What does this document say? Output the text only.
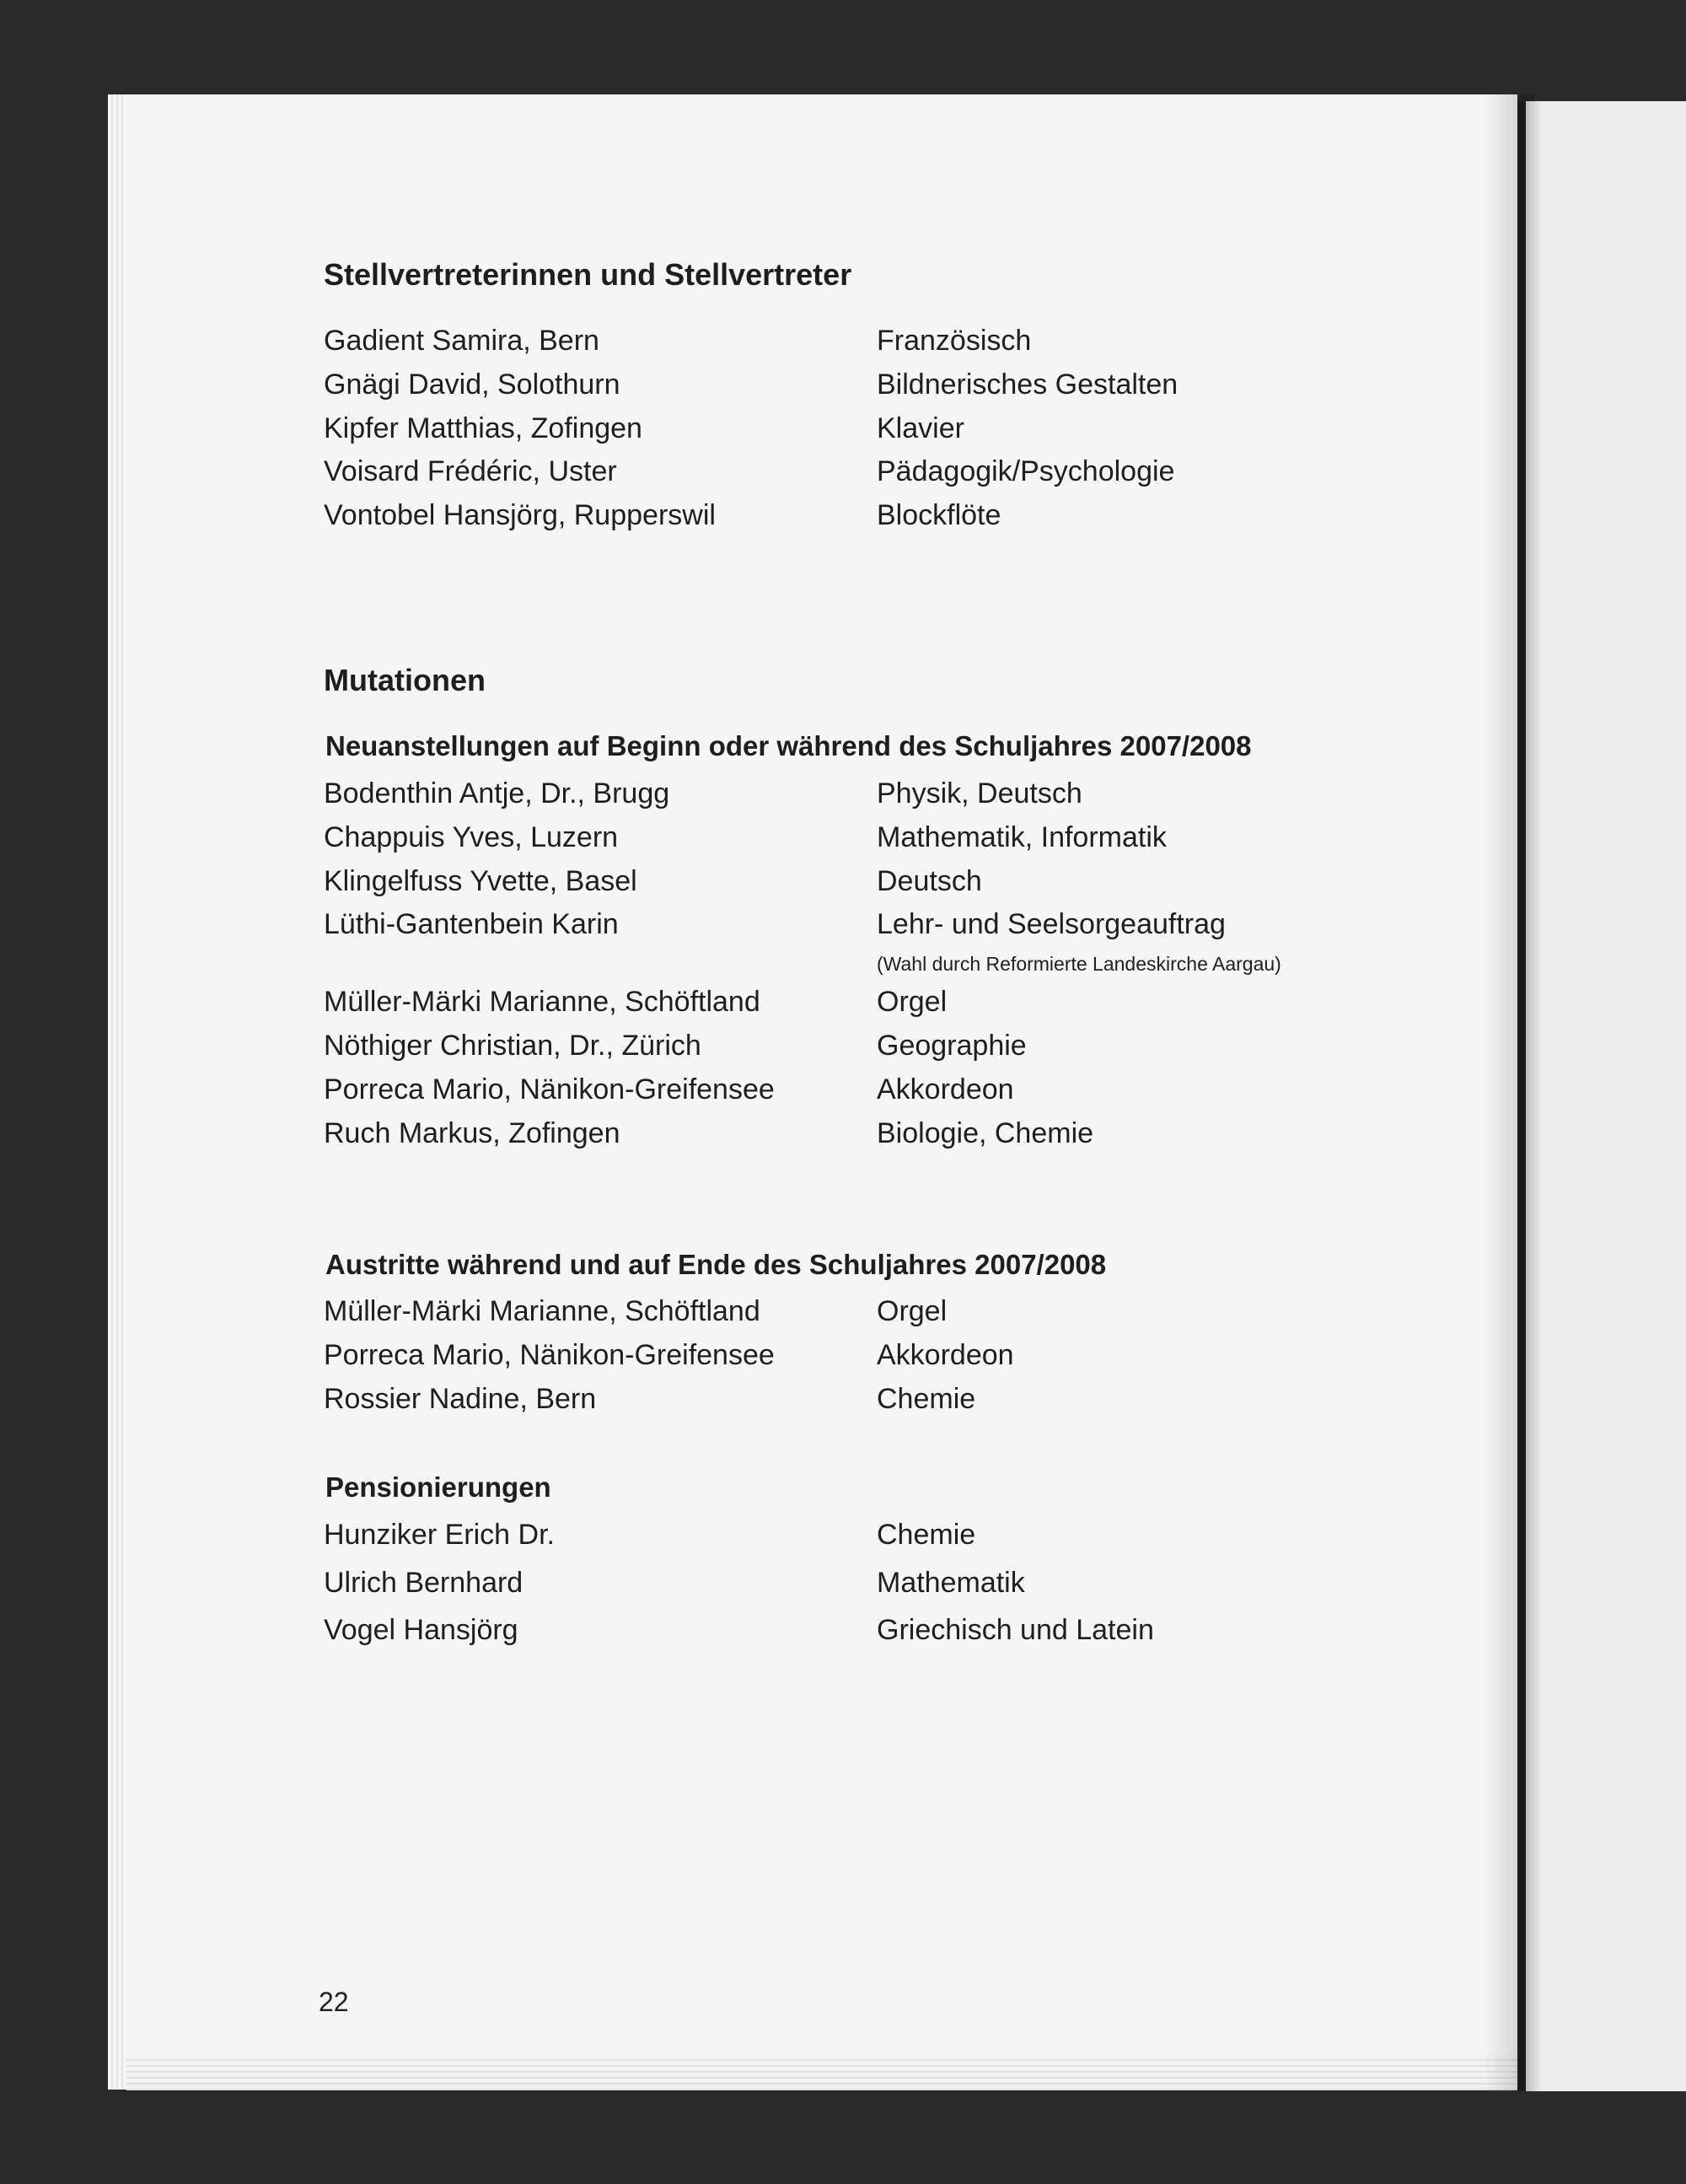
Stellvertreterinnen und Stellvertreter
Gadient Samira, Bern	Französisch
Gnägi David, Solothurn	Bildnerisches Gestalten
Kipfer Matthias, Zofingen	Klavier
Voisard Frédéric, Uster	Pädagogik/Psychologie
Vontobel Hansjörg, Rupperswil	Blockflöte
Mutationen
Neuanstellungen auf Beginn oder während des Schuljahres 2007/2008
Bodenthin Antje, Dr., Brugg	Physik, Deutsch
Chappuis Yves, Luzern	Mathematik, Informatik
Klingelfuss Yvette, Basel	Deutsch
Lüthi-Gantenbein Karin	Lehr- und Seelsorgeauftrag
(Wahl durch Reformierte Landeskirche Aargau)
Müller-Märki Marianne, Schöftland	Orgel
Nöthiger Christian, Dr., Zürich	Geographie
Porreca Mario, Nänikon-Greifensee	Akkordeon
Ruch Markus, Zofingen	Biologie, Chemie
Austritte während und auf Ende des Schuljahres 2007/2008
Müller-Märki Marianne, Schöftland	Orgel
Porreca Mario, Nänikon-Greifensee	Akkordeon
Rossier Nadine, Bern	Chemie
Pensionierungen
Hunziker Erich Dr.	Chemie
Ulrich Bernhard	Mathematik
Vogel Hansjörg	Griechisch und Latein
22
